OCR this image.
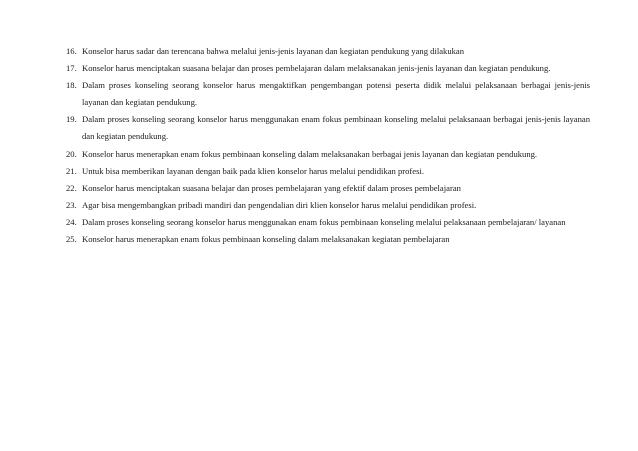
16. Konselor harus sadar dan terencana bahwa melalui jenis-jenis layanan dan kegiatan pendukung yang dilakukan
17. Konselor harus menciptakan suasana belajar dan proses pembelajaran dalam melaksanakan jenis-jenis layanan dan kegiatan pendukung.
18. Dalam proses konseling seorang konselor harus mengaktifkan pengembangan potensi peserta didik melalui pelaksanaan berbagai jenis-jenis layanan dan kegiatan pendukung.
19. Dalam proses konseling seorang konselor harus menggunakan enam fokus pembinaan konseling melalui pelaksanaan berbagai jenis-jenis layanan dan kegiatan pendukung.
20. Konselor harus menerapkan enam fokus pembinaan konseling dalam melaksanakan berbagai jenis layanan dan kegiatan pendukung.
21. Untuk bisa memberikan layanan dengan baik pada klien konselor harus melalui pendidikan profesi.
22. Konselor harus menciptakan suasana belajar dan proses pembelajaran yang efektif dalam proses pembelajaran
23. Agar bisa mengembangkan pribadi mandiri dan pengendalian diri klien konselor harus melalui pendidikan profesi.
24. Dalam proses konseling seorang konselor harus menggunakan enam fokus pembinaan konseling melalui pelaksanaan pembelajaran/ layanan
25. Konselor harus menerapkan enam fokus pembinaan konseling dalam melaksanakan kegiatan pembelajaran
